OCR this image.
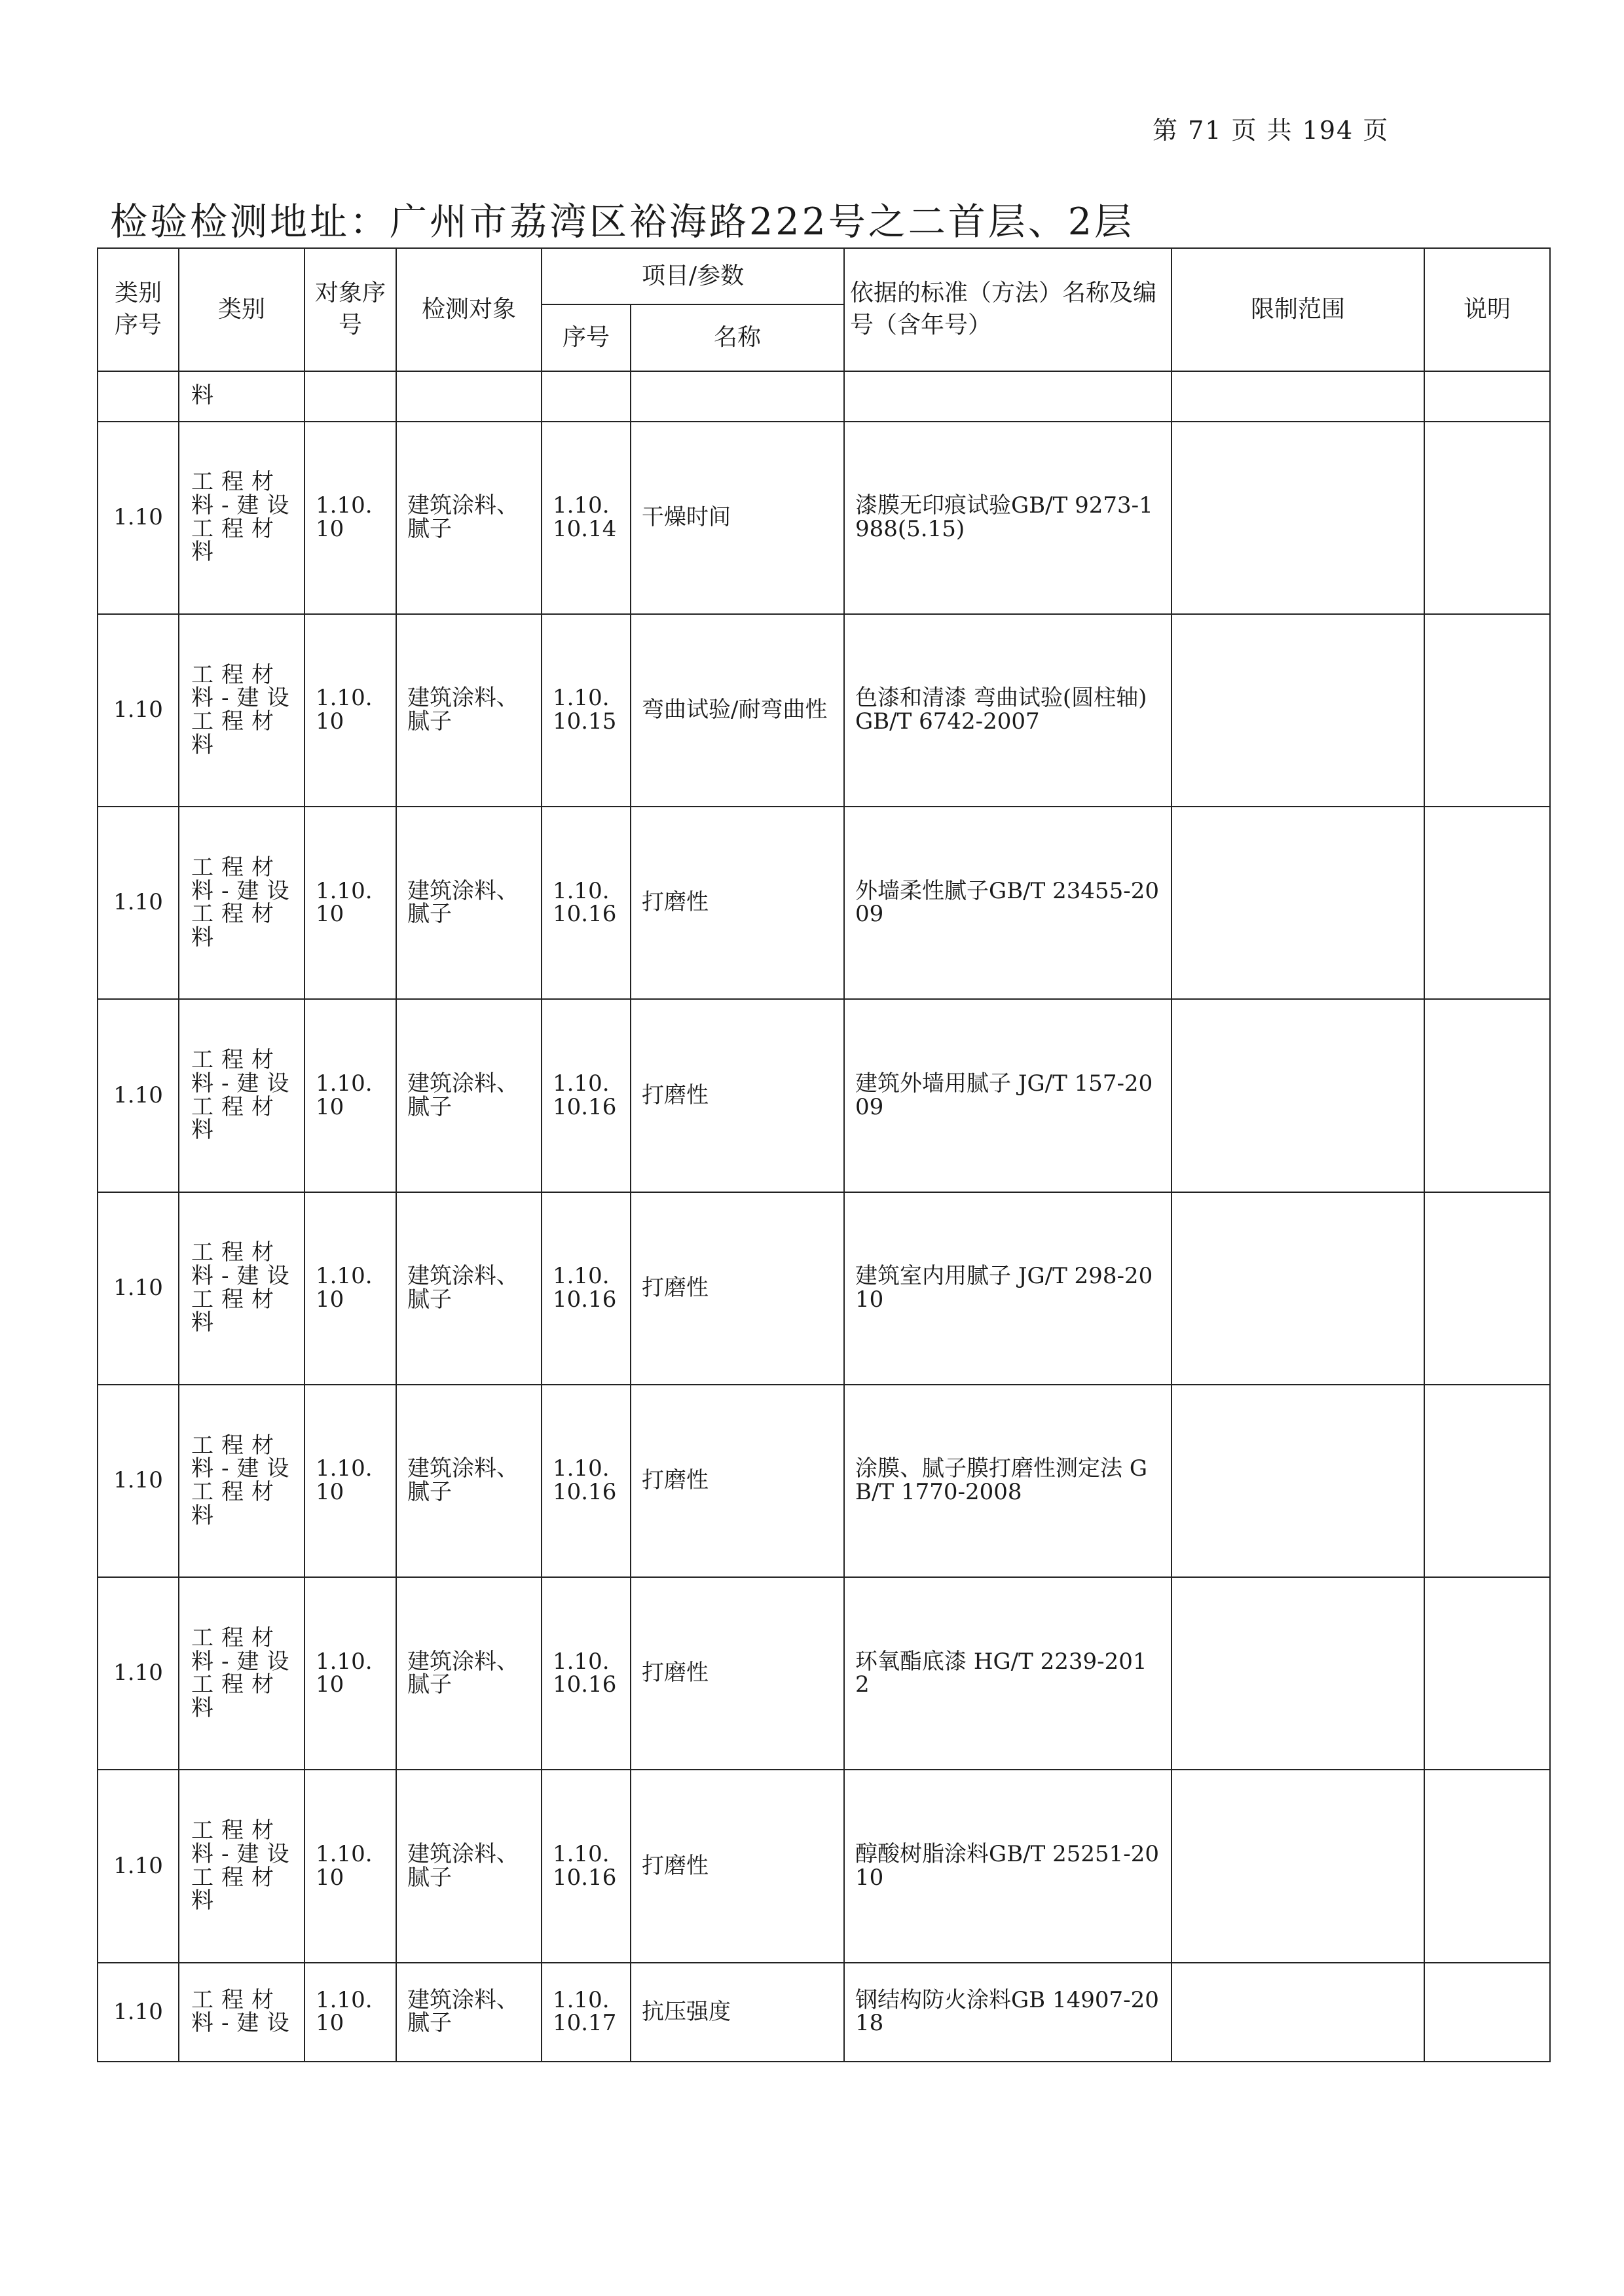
第 71 页 共 194 页
检验检测地址：广州市荔湾区裕海路222号之二首层、2层
类别序号	类别	对象序号	检测对象	项目/参数		依据的标准（方法）名称及编号（含年号）	限制范围	说明
				序号	名称			
	料							
1.10	工程材料-建设工程材料	1.10.10	建筑涂料、腻子	1.10.10.14	干燥时间	漆膜无印痕试验GB/T 9273-1988(5.15)		
1.10	工程材料-建设工程材料	1.10.10	建筑涂料、腻子	1.10.10.15	弯曲试验/耐弯曲性	色漆和清漆 弯曲试验(圆柱轴)GB/T 6742-2007		
1.10	工程材料-建设工程材料	1.10.10	建筑涂料、腻子	1.10.10.16	打磨性	外墙柔性腻子GB/T 23455-2009		
1.10	工程材料-建设工程材料	1.10.10	建筑涂料、腻子	1.10.10.16	打磨性	建筑外墙用腻子 JG/T 157-2009		
1.10	工程材料-建设工程材料	1.10.10	建筑涂料、腻子	1.10.10.16	打磨性	建筑室内用腻子 JG/T 298-2010		
1.10	工程材料-建设工程材料	1.10.10	建筑涂料、腻子	1.10.10.16	打磨性	涂膜、腻子膜打磨性测定法 GB/T 1770-2008		
1.10	工程材料-建设工程材料	1.10.10	建筑涂料、腻子	1.10.10.16	打磨性	环氧酯底漆 HG/T 2239-2012		
1.10	工程材料-建设工程材料	1.10.10	建筑涂料、腻子	1.10.10.16	打磨性	醇酸树脂涂料GB/T 25251-2010		
1.10	工程材料-建设	1.10.10	建筑涂料、腻子	1.10.10.17	抗压强度	钢结构防火涂料GB 14907-2018		
